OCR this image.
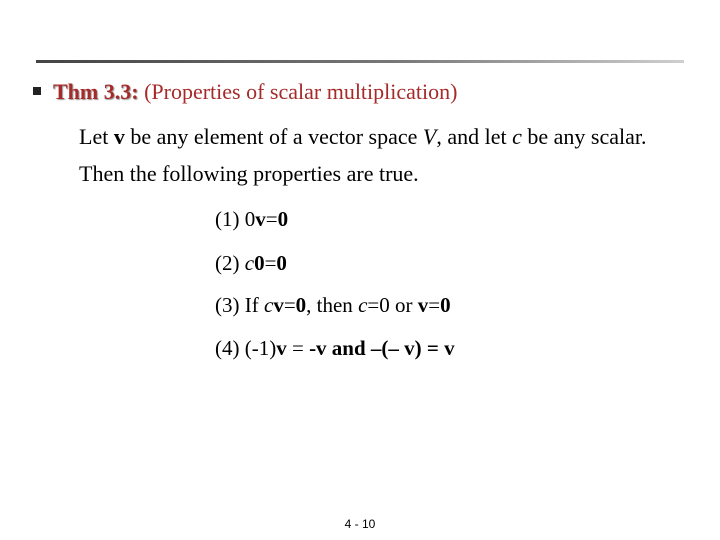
Thm 3.3: (Properties of scalar multiplication)
Let v be any element of a vector space V, and let c be any scalar. Then the following properties are true.
(1) 0v=0
(2) c0=0
(3) If cv=0, then c=0 or v=0
(4) (-1)v = -v and –(– v) = v
4 - 10
